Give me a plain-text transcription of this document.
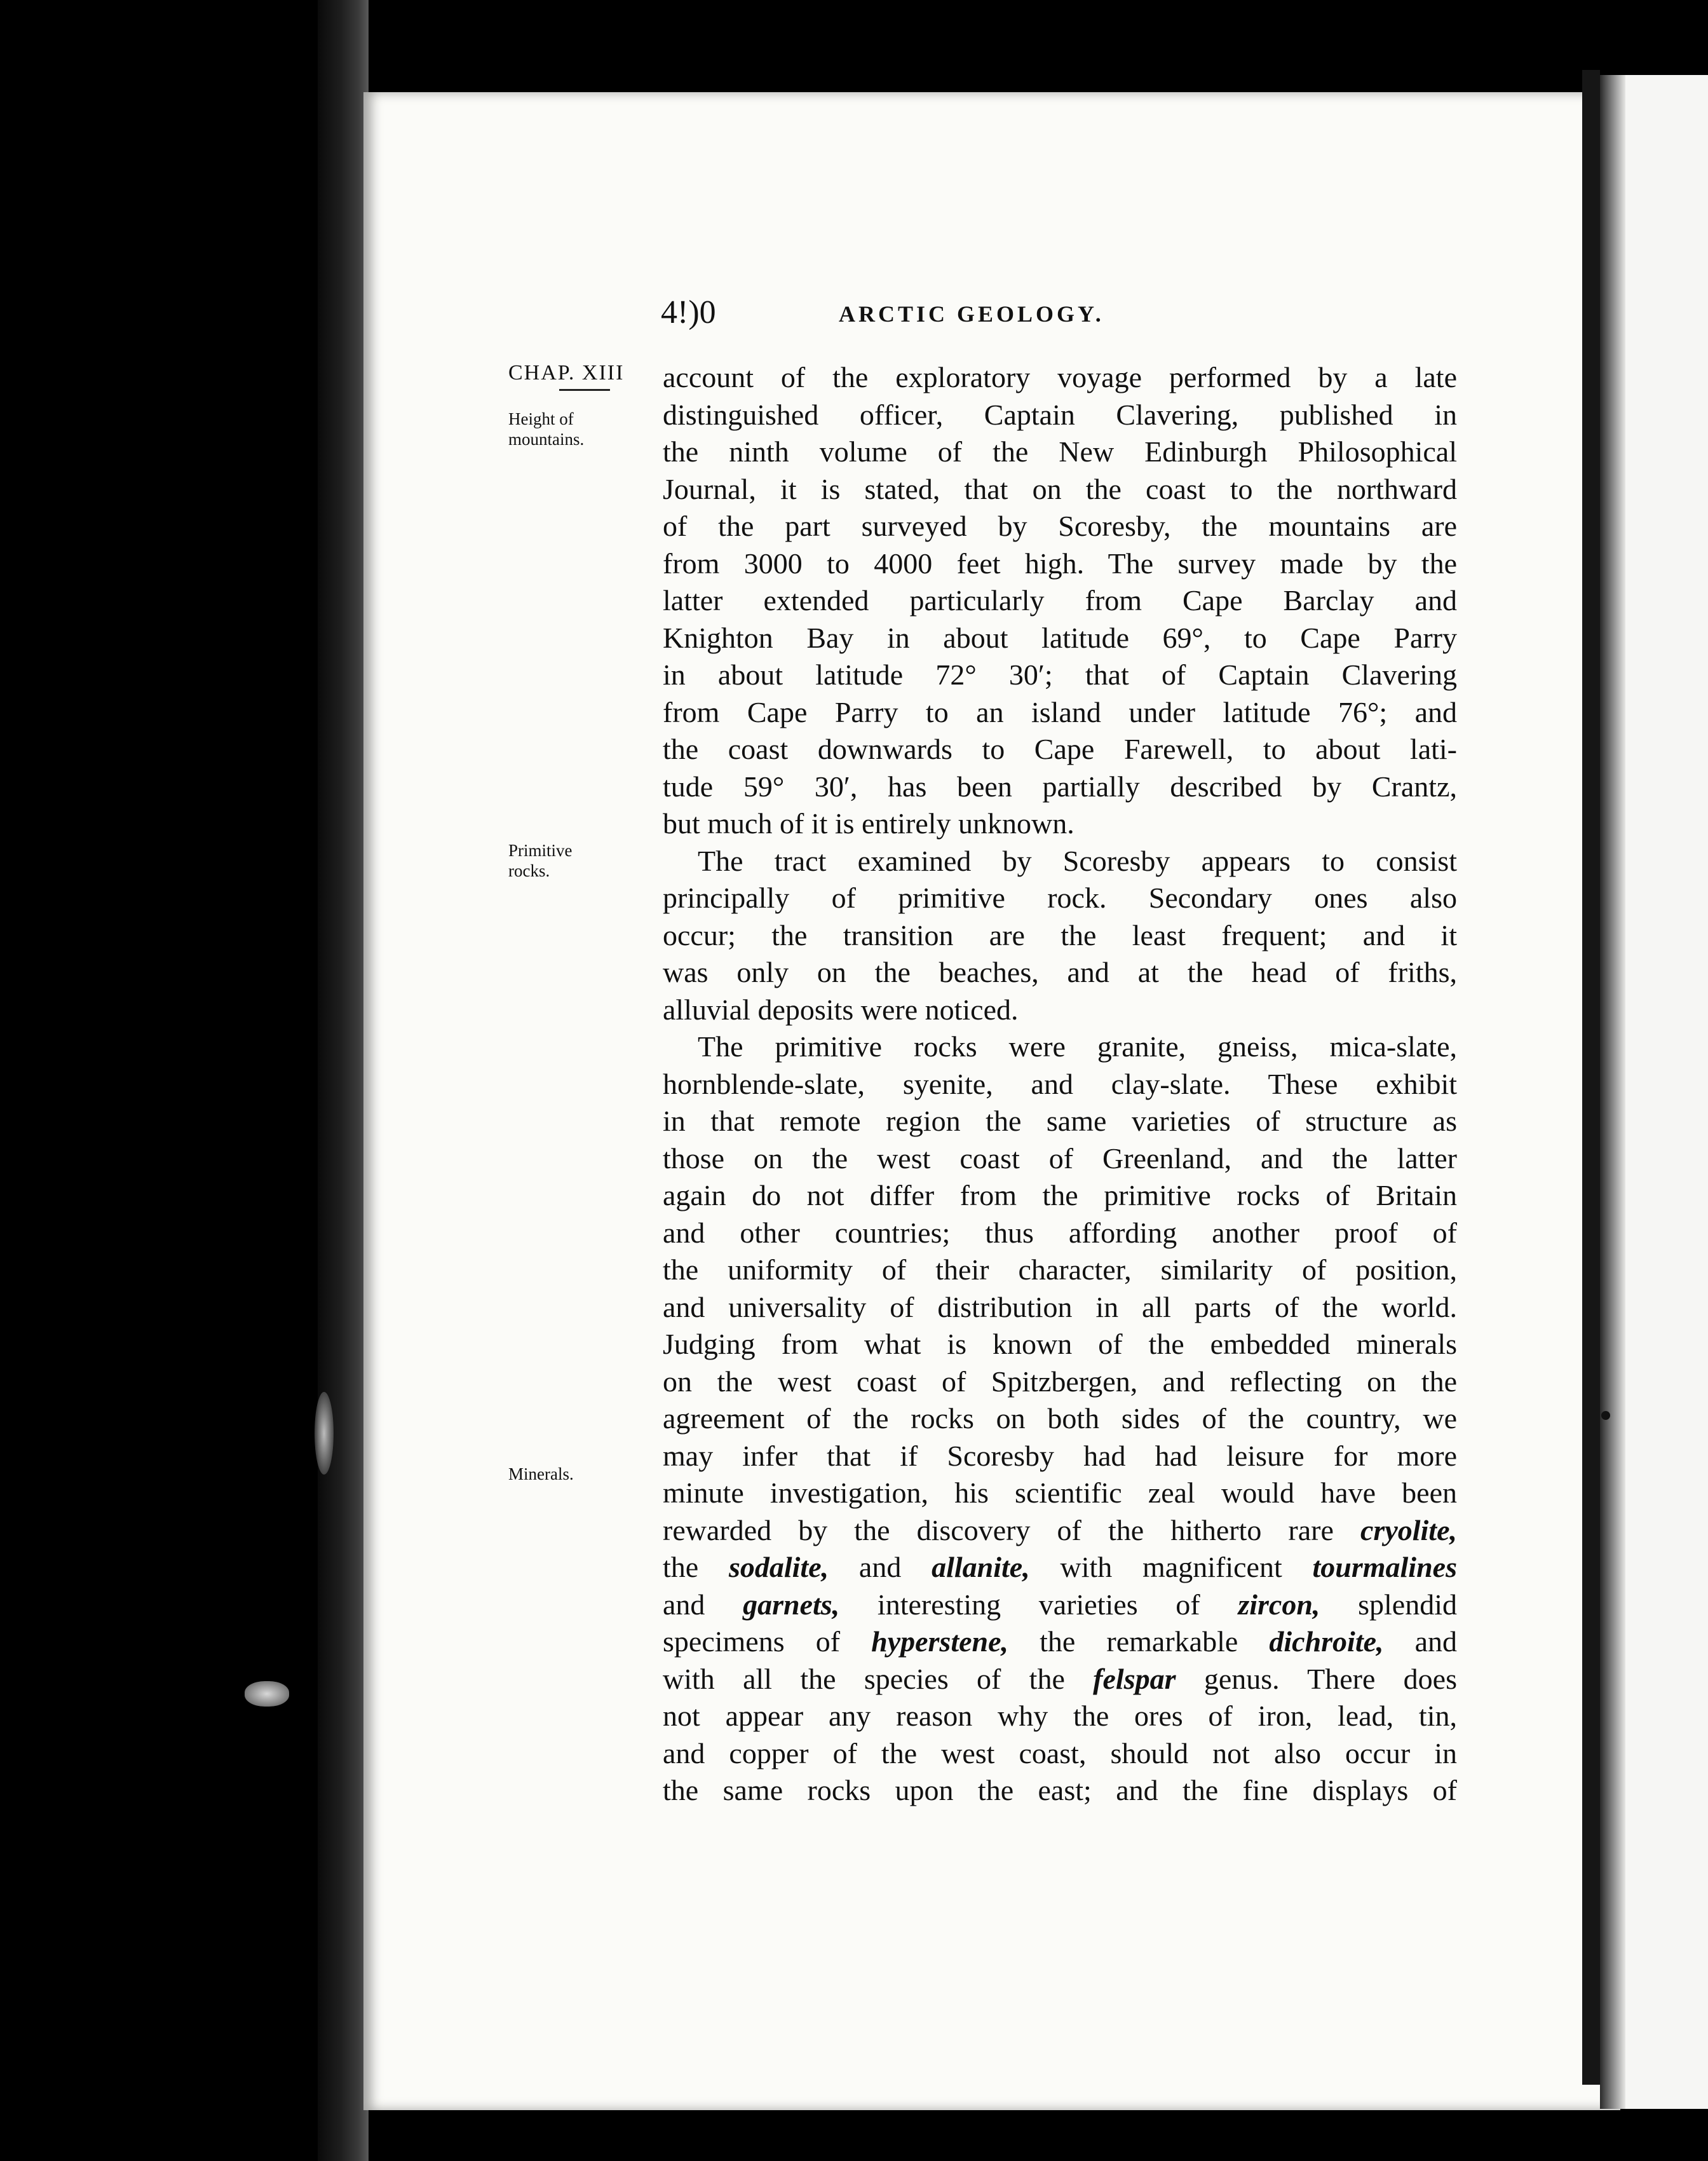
4!)0	ARCTIC GEOLOGY.
CHAP. XIII
Height of
mountains.
Primitive
rocks.
Minerals.
account of the exploratory voyage performed by a late
distinguished officer, Captain Clavering, published in
the ninth volume of the New Edinburgh Philosophical
Journal, it is stated, that on the coast to the northward
of the part surveyed by Scoresby, the mountains are
from 3000 to 4000 feet high. The survey made by the
latter extended particularly from Cape Barclay and
Knighton Bay in about latitude 69°, to Cape Parry
in about latitude 72° 30′; that of Captain Clavering
from Cape Parry to an island under latitude 76°; and
the coast downwards to Cape Farewell, to about lati-
tude 59° 30′, has been partially described by Crantz,
but much of it is entirely unknown.
The tract examined by Scoresby appears to consist
principally of primitive rock. Secondary ones also
occur; the transition are the least frequent; and it
was only on the beaches, and at the head of friths,
alluvial deposits were noticed.
The primitive rocks were granite, gneiss, mica-slate,
hornblende-slate, syenite, and clay-slate. These exhibit
in that remote region the same varieties of structure as
those on the west coast of Greenland, and the latter
again do not differ from the primitive rocks of Britain
and other countries; thus affording another proof of
the uniformity of their character, similarity of position,
and universality of distribution in all parts of the world.
Judging from what is known of the embedded minerals
on the west coast of Spitzbergen, and reflecting on the
agreement of the rocks on both sides of the country, we
may infer that if Scoresby had had leisure for more
minute investigation, his scientific zeal would have been
rewarded by the discovery of the hitherto rare cryolite,
the sodalite, and allanite, with magnificent tourmalines
and garnets, interesting varieties of zircon, splendid
specimens of hyperstene, the remarkable dichroite, and
with all the species of the felspar genus. There does
not appear any reason why the ores of iron, lead, tin,
and copper of the west coast, should not also occur in
the same rocks upon the east; and the fine displays of
